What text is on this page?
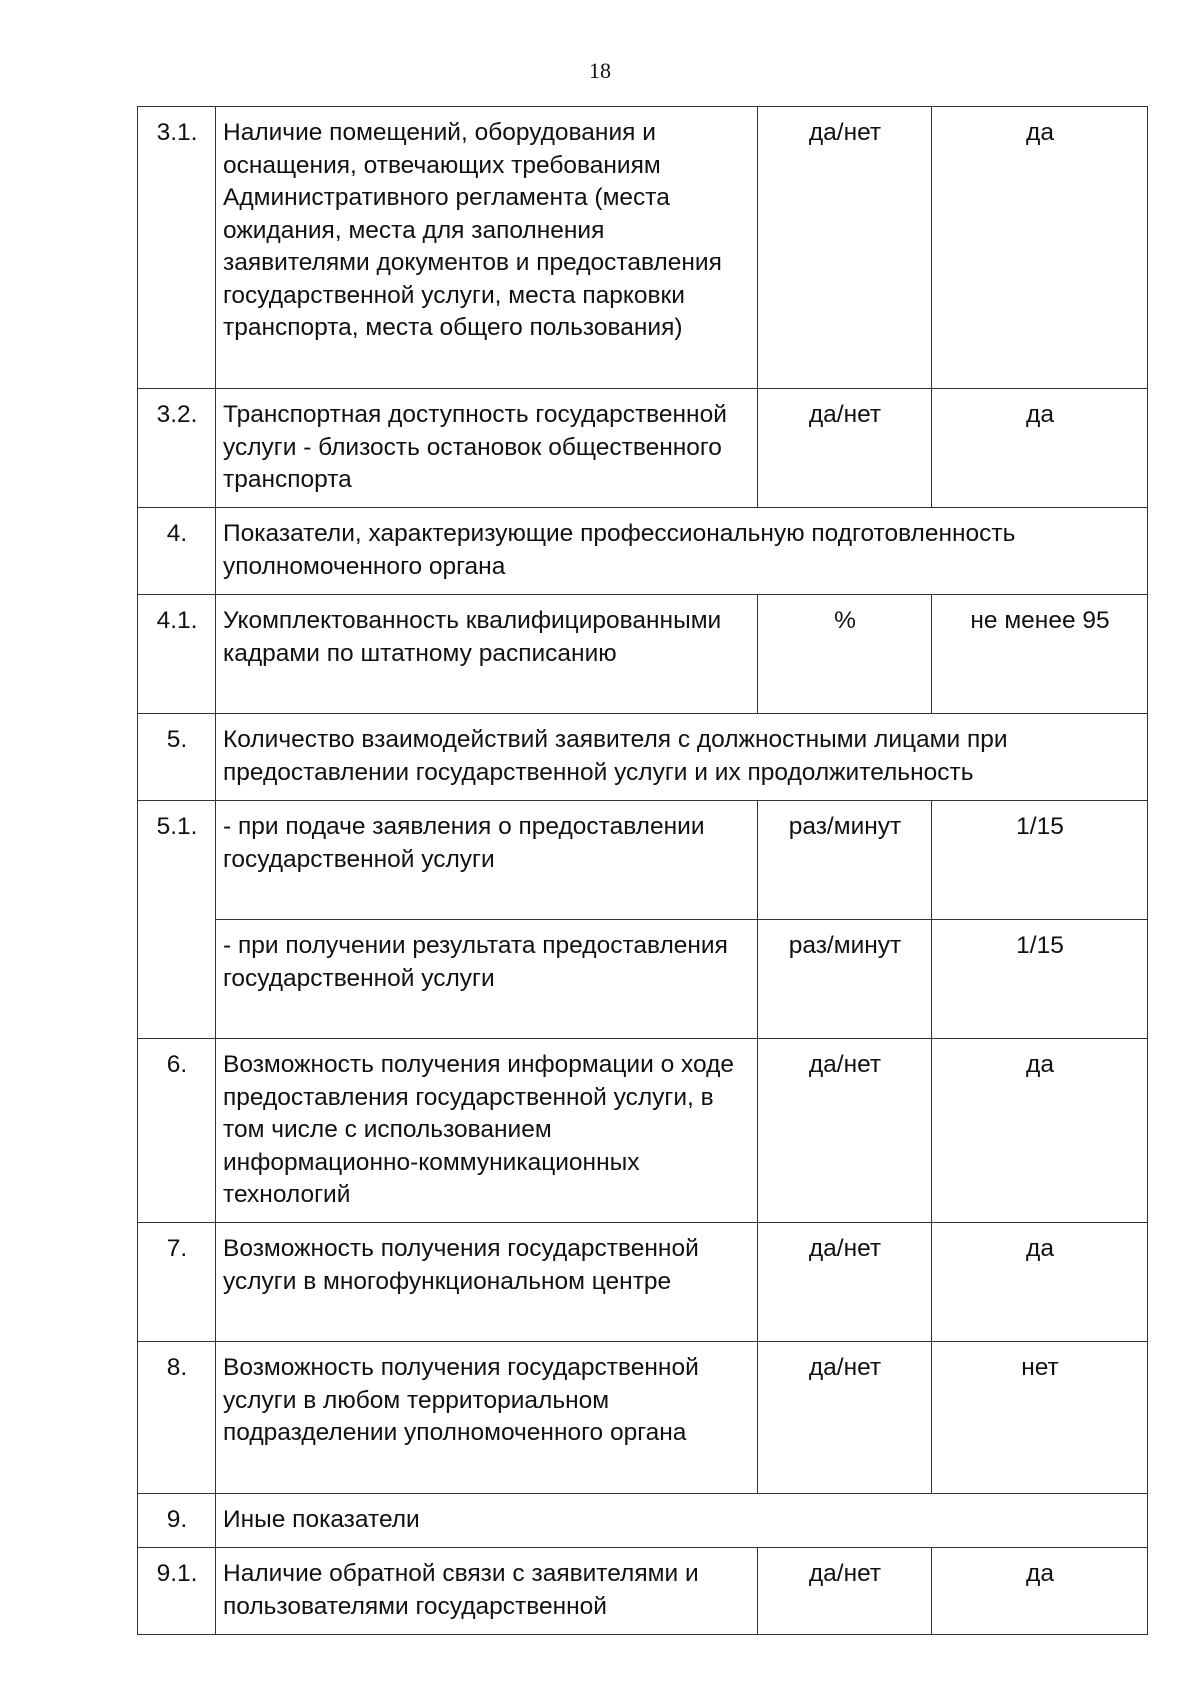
18
3.1.	Наличие помещений, оборудования и оснащения, отвечающих требованиям Административного регламента (места ожидания, места для заполнения заявителями документов и предоставления государственной услуги, места парковки транспорта, места общего пользования)	да/нет	да
3.2.	Транспортная доступность государственной услуги - близость остановок общественного транспорта	да/нет	да
4.	Показатели, характеризующие профессиональную подготовленность уполномоченного органа		
4.1.	Укомплектованность квалифицированными кадрами по штатному расписанию	%	не менее 95
5.	Количество взаимодействий заявителя с должностными лицами при предоставлении государственной услуги и их продолжительность		
5.1.	- при подаче заявления о предоставлении государственной услуги	раз/минут	1/15
	- при получении результата предоставления государственной услуги	раз/минут	1/15
6.	Возможность получения информации о ходе предоставления государственной услуги, в том числе с использованием информационно-коммуникационных технологий	да/нет	да
7.	Возможность получения государственной услуги в многофункциональном центре	да/нет	да
8.	Возможность получения государственной услуги в любом территориальном подразделении уполномоченного органа	да/нет	нет
9.	Иные показатели		
9.1.	Наличие обратной связи с заявителями и пользователями государственной	да/нет	да
